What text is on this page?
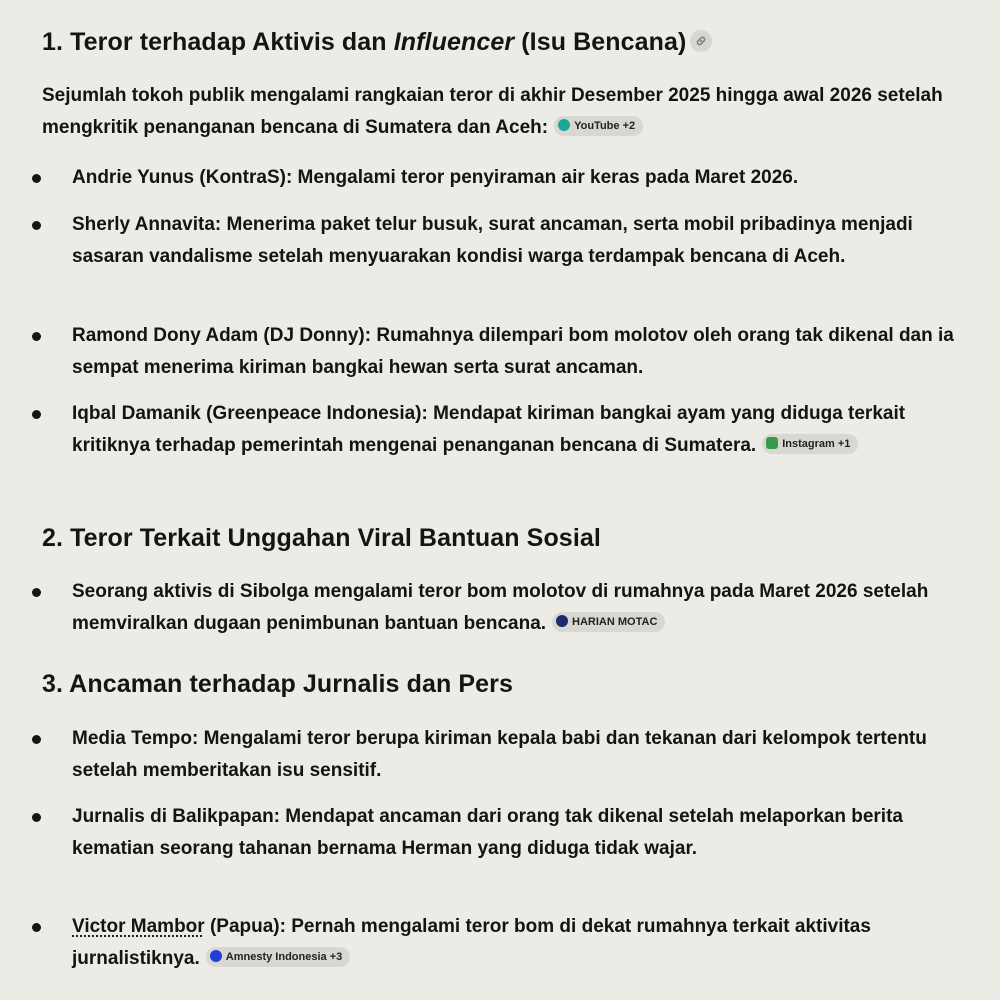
1. Teror terhadap Aktivis dan Influencer (Isu Bencana)

Sejumlah tokoh publik mengalami rangkaian teror di akhir Desember 2025 hingga awal 2026 setelah mengkritik penanganan bencana di Sumatera dan Aceh: YouTube +2

Andrie Yunus (KontraS): Mengalami teror penyiraman air keras pada Maret 2026.

Sherly Annavita: Menerima paket telur busuk, surat ancaman, serta mobil pribadinya menjadi sasaran vandalisme setelah menyuarakan kondisi warga terdampak bencana di Aceh.

Ramond Dony Adam (DJ Donny): Rumahnya dilempari bom molotov oleh orang tak dikenal dan ia sempat menerima kiriman bangkai hewan serta surat ancaman.

Iqbal Damanik (Greenpeace Indonesia): Mendapat kiriman bangkai ayam yang diduga terkait kritiknya terhadap pemerintah mengenai penanganan bencana di Sumatera. Instagram +1

2. Teror Terkait Unggahan Viral Bantuan Sosial

Seorang aktivis di Sibolga mengalami teror bom molotov di rumahnya pada Maret 2026 setelah memviralkan dugaan penimbunan bantuan bencana. HARIAN MOTAC

3. Ancaman terhadap Jurnalis dan Pers

Media Tempo: Mengalami teror berupa kiriman kepala babi dan tekanan dari kelompok tertentu setelah memberitakan isu sensitif.

Jurnalis di Balikpapan: Mendapat ancaman dari orang tak dikenal setelah melaporkan berita kematian seorang tahanan bernama Herman yang diduga tidak wajar.

Victor Mambor (Papua): Pernah mengalami teror bom di dekat rumahnya terkait aktivitas jurnalistiknya. Amnesty Indonesia +3
